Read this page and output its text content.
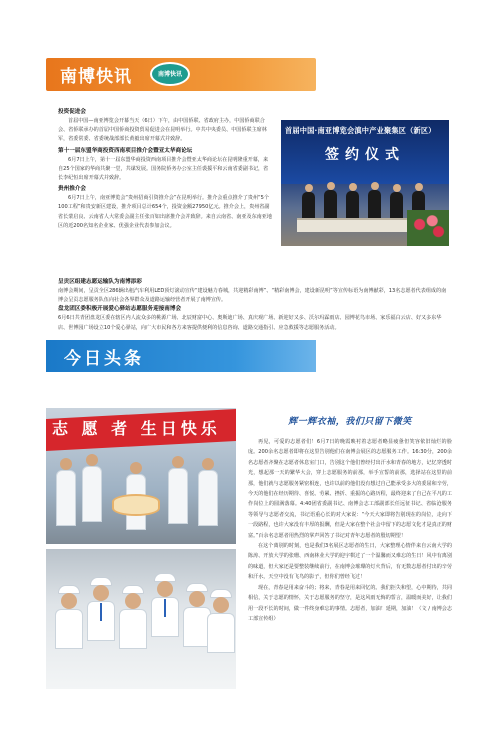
南博快讯	南博快讯
投资促进会
首届中国—南亚博览会开幕当天（6日）下午，由中国侨联、省政府主办，中国侨商联合会、省侨联承办的首届中国侨商投资贸易促进会在昆明举行。中共中央委员、中国侨联主席林军，省委常委、省委统战部部长黄毅出席开幕式并致辞。
第十一届东盟华商投资西南项目推介会暨亚太华商论坛
6月7日上午，第十一届东盟华商投资西南项目推介会暨亚太华商论坛在昆明隆重开幕，来自25个国家的华商共聚一堂，共谋发展。国务院侨务办公室主任裘援平和云南省委副书记，省长李纪恒出席开幕式并致辞。
贵州推介会
6月7日上午，南亚博览会“贵州招商引资推介会”在昆明举行。推介会重点推介了贵州“5个100工程”和贵安新区建设，推介项目总计654个，投资金额27950亿元。推介会上，贵州省副省长蒙启良、云南省人大常委会副主任张百如出席推介会并致辞。来自云南省、南亚及东南亚地区的近200名知名企业家、优强企业代表参加会议。
呈贡区组建志愿运输队为南博添彩
南博会期间，呈贡全区286辆出租汽车利用LED顶灯滚动宣传“建设魅力春城，共迎精彩南博”、“精彩南博会，建设新昆明”等宣传标语为南博献彩，13名志愿者代表组成的南博会呈贡志愿服务队伍向社会各界群众及道路运输经营者开展了南博宣传。
盘龙团区委积极开展爱心驿站志愿服务迎接南博会
6月6日共青团盘龙区委在辖区内人流众多的桃源广场、北辰财富中心、奥斯迪广场、真庆观广场、新迎好又多、沃尔玛霖雨店、园博花鸟市场、家乐福白云店、好又多东华店、世博园广场设立10个爱心驿站，向广大市民和各方来客提供便利的信息咨询、道路交通指引、应急救援等志愿服务活动。
首届中国·南亚博览会滇中产业聚集区（新区）
签约仪式
今日头条
志 愿 者 生日快乐	辉一辉衣袖，我们只留下微笑

再见，可爱的志愿者们！6月7日的晚霞映衬着志愿者略显疲惫但笑容依旧灿烂的脸庞。200余名志愿者即将在这里告别他们在南博会展区的志愿服务工作。16:30分，200余名志愿者齐聚在志愿者休息室门口，告别这个他们曾经付出汗水和青春的地方，记忆穿透时光，想起那一天的繁华大会，穿上志愿服务的前那，举手宣誓的前那，选择站在这里的前那，他们就与志愿服务紧密相连，也许以前的他们没有想过自己能承受多大的委屈和辛劳，今天的他们在经历期待、喜悦、劳累、挫折、重振的心路历程，最终迎来了自己在平凡的工作岗位上的圆满落幕。4:40团省委副书记、南博会志工部副部长任远征书记、省临沧服务等领导与志愿者交流，书记语重心长的对大家说：“今天大家即将告别现在的岗位，走向下一段路程，也许大家没有丰厚的报酬，但是大家在整个社会中留下的志愿文化才是真正的财富。”百余名志愿者用热烈的掌声回答了书记对青年志愿者的殷切期望！

在这个离别的时刻，也是我们3名展区志愿者的生日，大家整理心情伴来自云南大学的陈涛、开放大学的张珊、西南林业大学的迎宇棋过了一个温馨而又难忘的生日！风中有离别的味道，但大家还是要整装继续前行，在南博会璀璨的灯火背后，有无数志愿者付出的辛劳和汗水，天空中没有飞鸟的影子，但你们曾经飞过！

现在，青春是用来奋斗的；将来，青春是用来回忆的。我们拒失和望，心中期待，共同相信，关于志愿的情怀，关于志愿服务的坚守，是这风雨无悔的誓言，温暖而美好，让我们用一段不长的时间，做一件终身难忘的事情。志愿者，加油！延期，加油！（文 / 南博会志工部宣传组）
